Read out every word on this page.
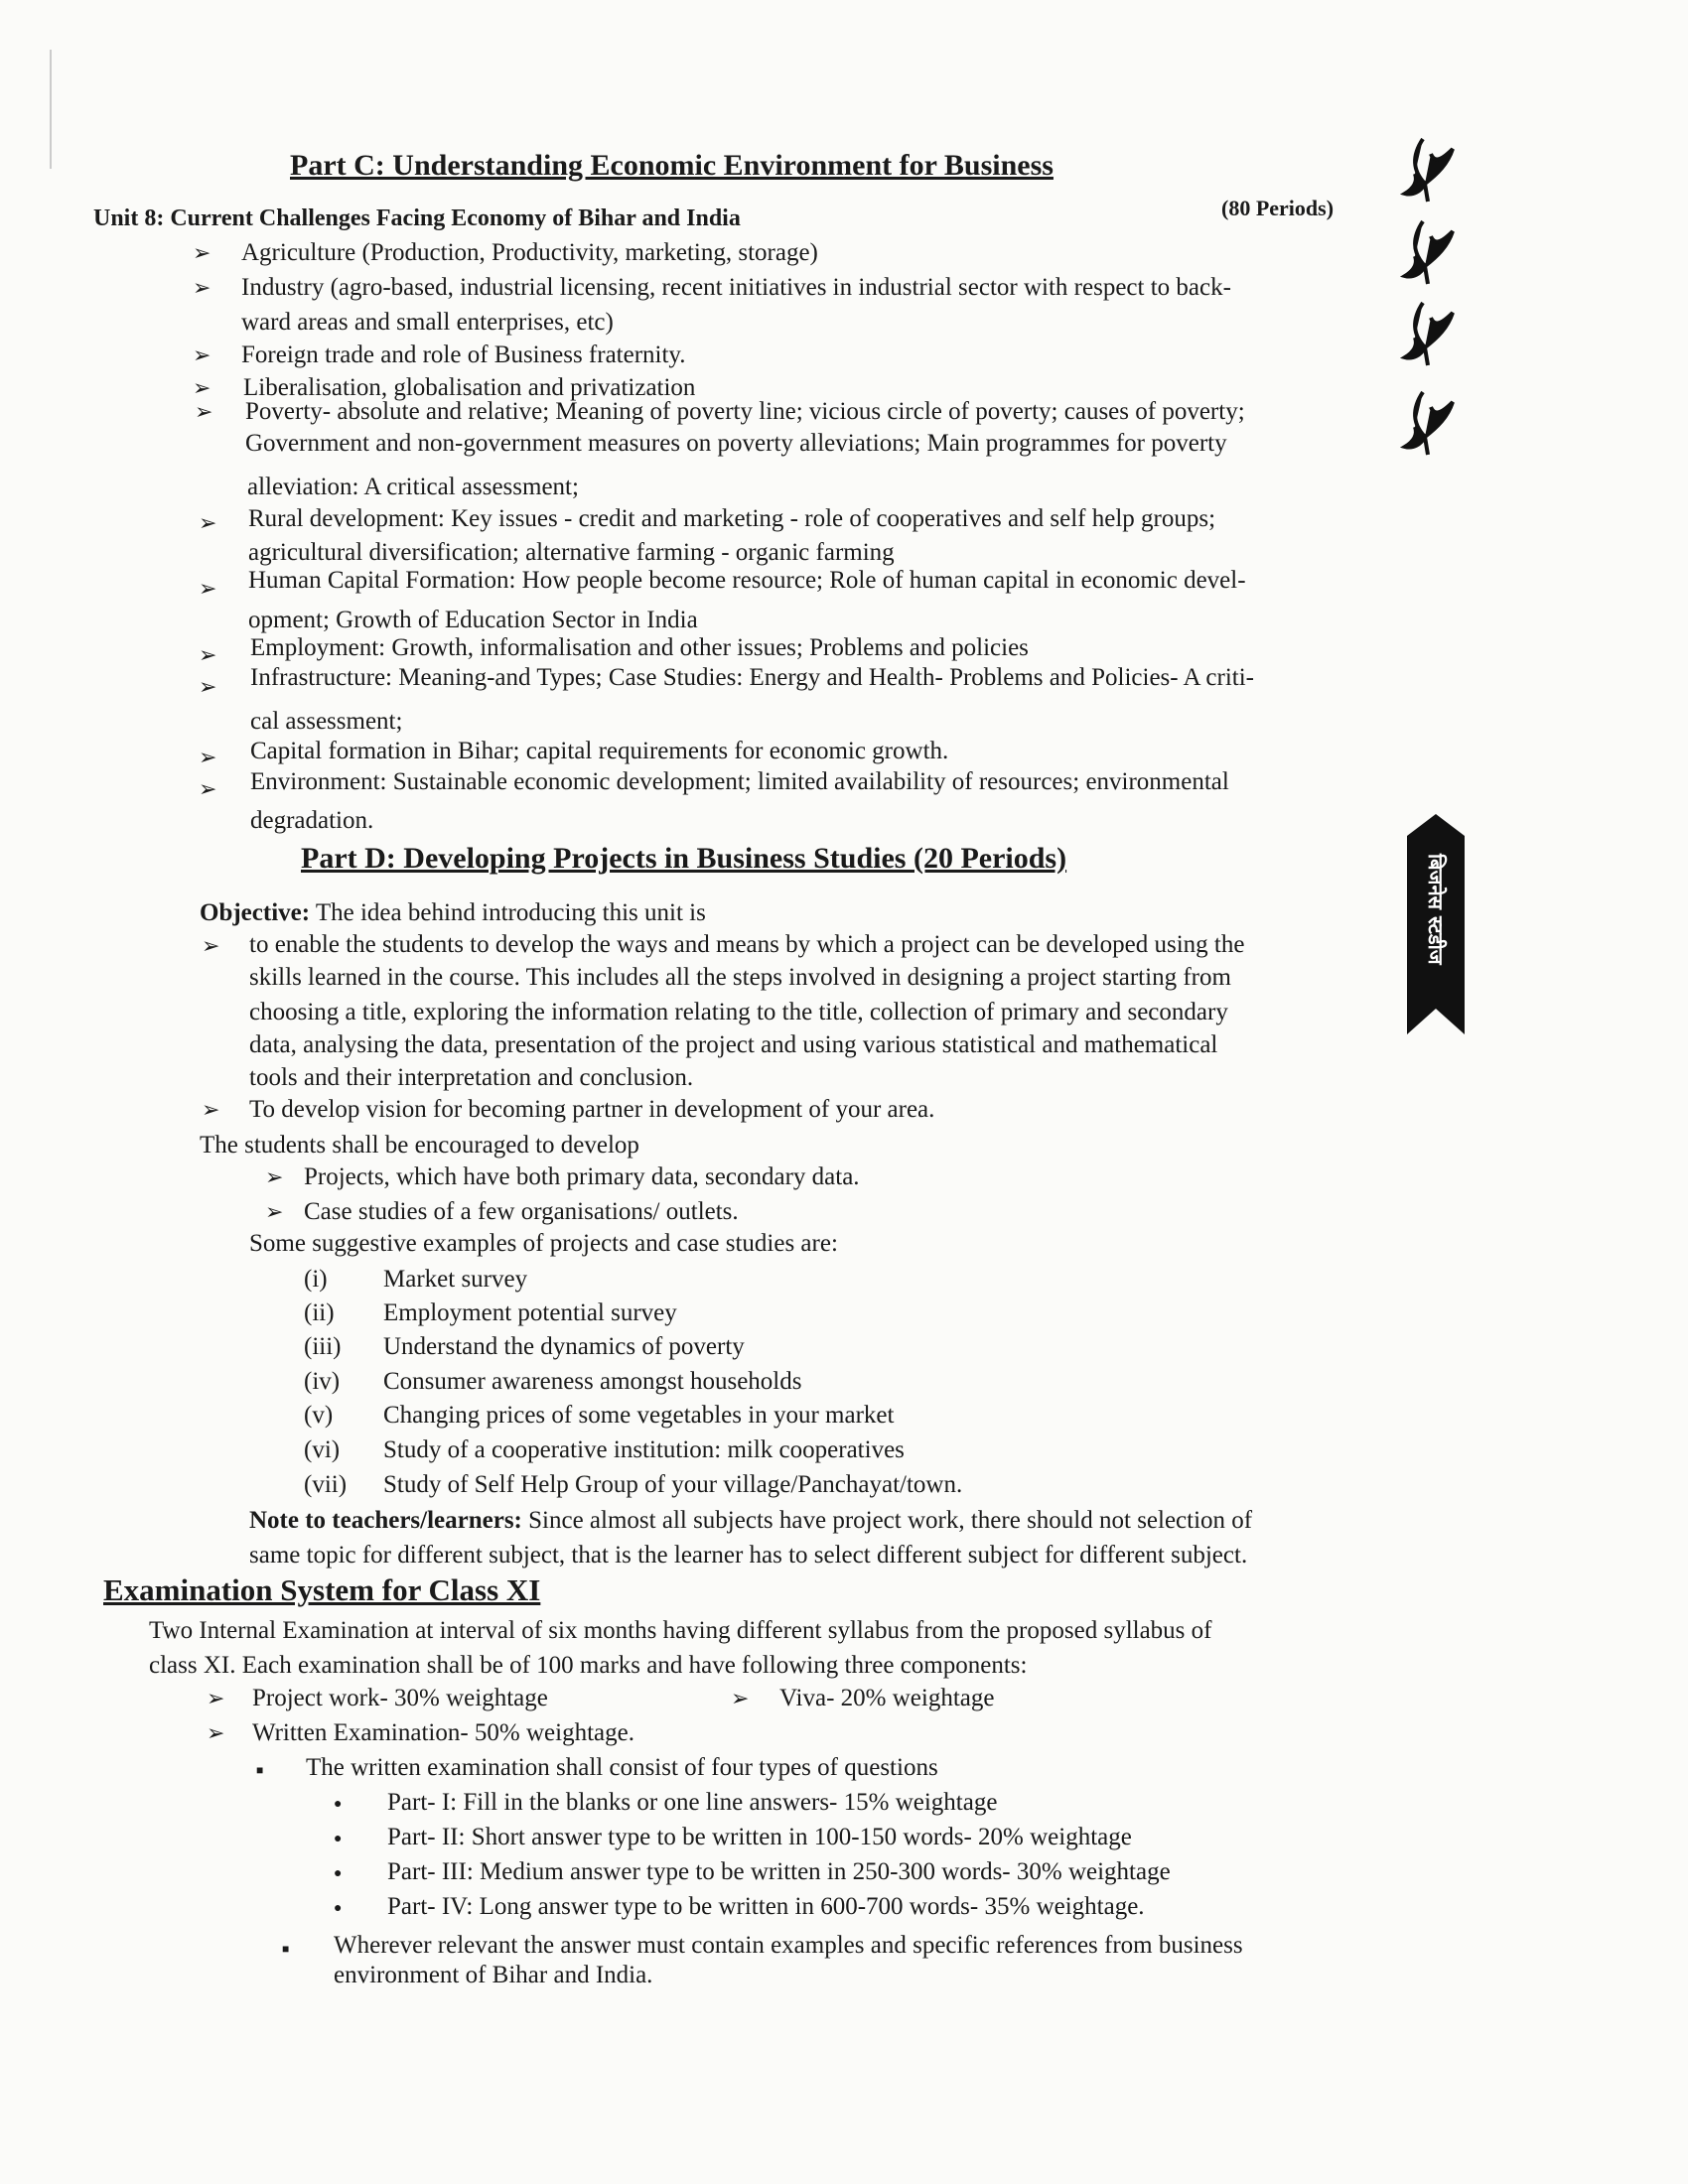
बिजनेस स्टडीज
Part C: Understanding Economic Environment for Business
Unit 8: Current Challenges Facing Economy of Bihar and India	(80 Periods)
➢ Agriculture (Production, Productivity, marketing, storage)
➢ Industry (agro-based, industrial licensing, recent initiatives in industrial sector with respect to back-
ward areas and small enterprises, etc)
➢ Foreign trade and role of Business fraternity.
➢ Liberalisation, globalisation and privatization
➢ Poverty- absolute and relative; Meaning of poverty line; vicious circle of poverty; causes of poverty;
Government and non-government measures on poverty alleviations; Main programmes for poverty
alleviation: A critical assessment;
➢ Rural development: Key issues - credit and marketing - role of cooperatives and self help groups;
agricultural diversification; alternative farming - organic farming
➢ Human Capital Formation: How people become resource; Role of human capital in economic devel-
opment; Growth of Education Sector in India
➢ Employment: Growth, informalisation and other issues; Problems and policies
➢ Infrastructure: Meaning-and Types; Case Studies: Energy and Health- Problems and Policies- A criti-
cal assessment;
➢ Capital formation in Bihar; capital requirements for economic growth.
➢ Environment: Sustainable economic development; limited availability of resources; environmental
degradation.
Part D: Developing Projects in Business Studies (20 Periods)
Objective: The idea behind introducing this unit is
➢ to enable the students to develop the ways and means by which a project can be developed using the
skills learned in the course. This includes all the steps involved in designing a project starting from
choosing a title, exploring the information relating to the title, collection of primary and secondary
data, analysing the data, presentation of the project and using various statistical and mathematical
tools and their interpretation and conclusion.
➢ To develop vision for becoming partner in development of your area.
The students shall be encouraged to develop
➢ Projects, which have both primary data, secondary data.
➢ Case studies of a few organisations/ outlets.
Some suggestive examples of projects and case studies are:
(i) Market survey
(ii) Employment potential survey
(iii) Understand the dynamics of poverty
(iv) Consumer awareness amongst households
(v) Changing prices of some vegetables in your market
(vi) Study of a cooperative institution: milk cooperatives
(vii) Study of Self Help Group of your village/Panchayat/town.
Note to teachers/learners: Since almost all subjects have project work, there should not selection of
same topic for different subject, that is the learner has to select different subject for different subject.
Examination System for Class XI
Two Internal Examination at interval of six months having different syllabus from the proposed syllabus of
class XI. Each examination shall be of 100 marks and have following three components:
➢ Project work- 30% weightage	➢ Viva- 20% weightage
➢ Written Examination- 50% weightage.
■ The written examination shall consist of four types of questions
● Part- I: Fill in the blanks or one line answers- 15% weightage
● Part- II: Short answer type to be written in 100-150 words- 20% weightage
● Part- III: Medium answer type to be written in 250-300 words- 30% weightage
● Part- IV: Long answer type to be written in 600-700 words- 35% weightage.
■ Wherever relevant the answer must contain examples and specific references from business
environment of Bihar and India.
